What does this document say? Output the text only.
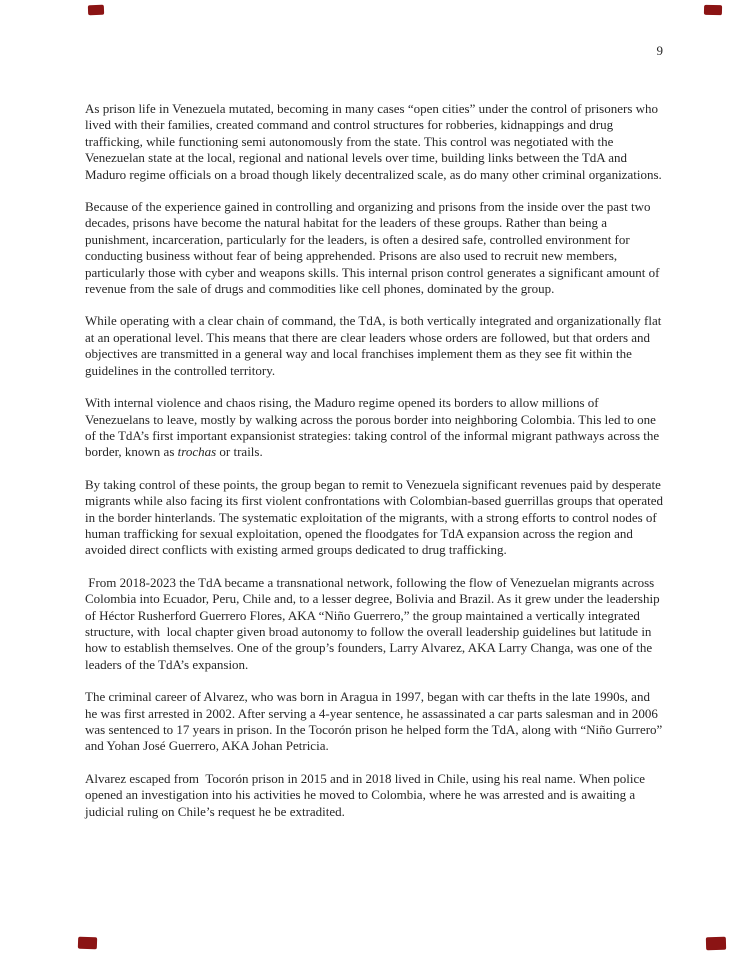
9

As prison life in Venezuela mutated, becoming in many cases “open cities” under the control of prisoners who lived with their families, created command and control structures for robberies, kidnappings and drug trafficking, while functioning semi autonomously from the state. This control was negotiated with the Venezuelan state at the local, regional and national levels over time, building links between the TdA and Maduro regime officials on a broad though likely decentralized scale, as do many other criminal organizations.

Because of the experience gained in controlling and organizing and prisons from the inside over the past two decades, prisons have become the natural habitat for the leaders of these groups. Rather than being a punishment, incarceration, particularly for the leaders, is often a desired safe, controlled environment for conducting business without fear of being apprehended. Prisons are also used to recruit new members, particularly those with cyber and weapons skills. This internal prison control generates a significant amount of revenue from the sale of drugs and commodities like cell phones, dominated by the group.

While operating with a clear chain of command, the TdA, is both vertically integrated and organizationally flat at an operational level. This means that there are clear leaders whose orders are followed, but that orders and objectives are transmitted in a general way and local franchises implement them as they see fit within the guidelines in the controlled territory.

With internal violence and chaos rising, the Maduro regime opened its borders to allow millions of Venezuelans to leave, mostly by walking across the porous border into neighboring Colombia. This led to one of the TdA’s first important expansionist strategies: taking control of the informal migrant pathways across the border, known as trochas or trails.

By taking control of these points, the group began to remit to Venezuela significant revenues paid by desperate migrants while also facing its first violent confrontations with Colombian-based guerrillas groups that operated in the border hinterlands. The systematic exploitation of the migrants, with a strong efforts to control nodes of human trafficking for sexual exploitation, opened the floodgates for TdA expansion across the region and avoided direct conflicts with existing armed groups dedicated to drug trafficking.

From 2018-2023 the TdA became a transnational network, following the flow of Venezuelan migrants across Colombia into Ecuador, Peru, Chile and, to a lesser degree, Bolivia and Brazil. As it grew under the leadership of Héctor Rusherford Guerrero Flores, AKA “Niño Guerrero,” the group maintained a vertically integrated structure, with  local chapter given broad autonomy to follow the overall leadership guidelines but latitude in how to establish themselves. One of the group’s founders, Larry Alvarez, AKA Larry Changa, was one of the leaders of the TdA’s expansion.

The criminal career of Alvarez, who was born in Aragua in 1997, began with car thefts in the late 1990s, and he was first arrested in 2002. After serving a 4-year sentence, he assassinated a car parts salesman and in 2006 was sentenced to 17 years in prison. In the Tocorón prison he helped form the TdA, along with “Niño Gurrero” and Yohan José Guerrero, AKA Johan Petricia.

Alvarez escaped from  Tocorón prison in 2015 and in 2018 lived in Chile, using his real name. When police opened an investigation into his activities he moved to Colombia, where he was arrested and is awaiting a judicial ruling on Chile’s request he be extradited.
